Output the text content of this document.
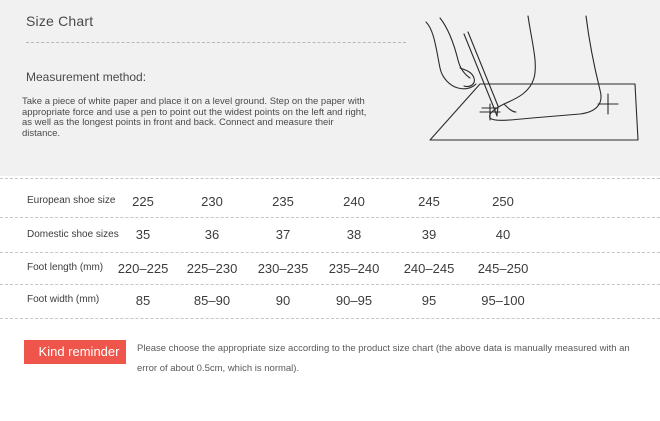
Size Chart
Measurement method:
Take a piece of white paper and place it on a level ground. Step on the paper with appropriate force and use a pen to point out the widest points on the left and right, as well as the longest points in front and back. Connect and measure their distance.
European shoe size 225	230	235	240	245	250
Domestic shoe sizes 35	36	37	38	39	40
Foot length (mm) 220–225 225–230 230–235 235–240 240–245 245–250
Foot width (mm)	85	85–90	90	90–95	95	95–100
Kind reminder	Please choose the appropriate size according to the product size chart (the above data is manually measured with an error of about 0.5cm, which is normal).
